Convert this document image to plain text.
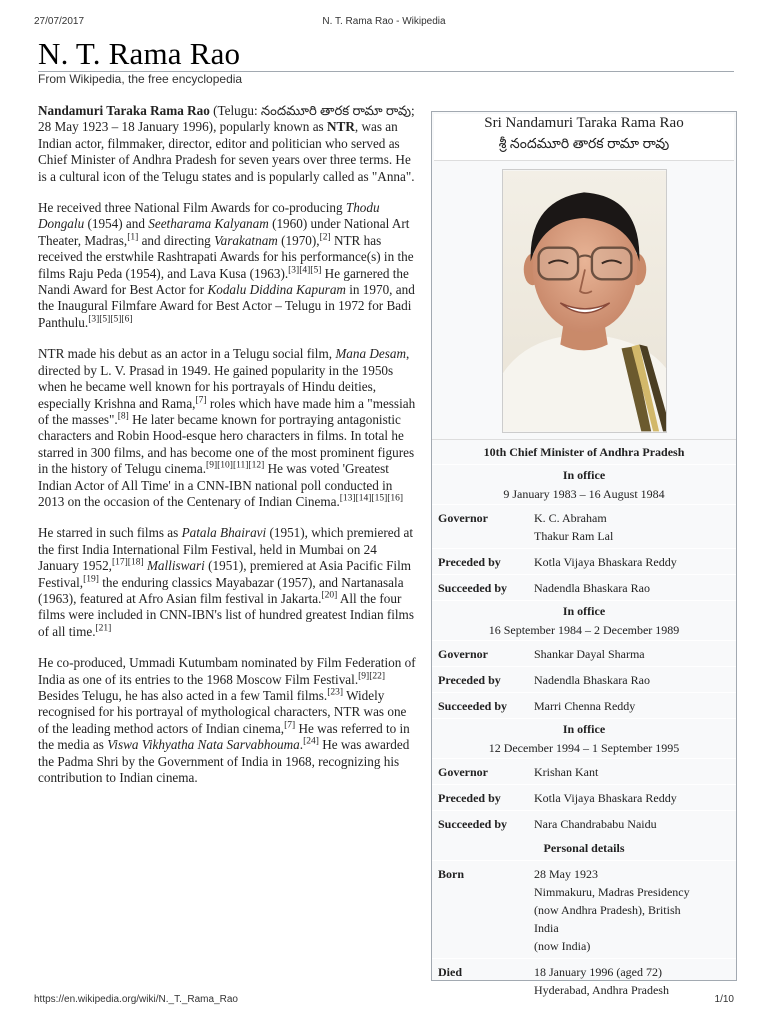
27/07/2017	N. T. Rama Rao - Wikipedia
N. T. Rama Rao
From Wikipedia, the free encyclopedia

Nandamuri Taraka Rama Rao (Telugu: నందమూరి తారక రామా రావు; 28 May 1923 – 18 January 1996), popularly known as NTR, was an Indian actor, filmmaker, director, editor and politician who served as Chief Minister of Andhra Pradesh for seven years over three terms. He is a cultural icon of the Telugu states and is popularly called as "Anna".

He received three National Film Awards for co-producing Thodu Dongalu (1954) and Seetharama Kalyanam (1960) under National Art Theater, Madras,[1] and directing Varakatnam (1970),[2] NTR has received the erstwhile Rashtrapati Awards for his performance(s) in the films Raju Peda (1954), and Lava Kusa (1963).[3][4][5] He garnered the Nandi Award for Best Actor for Kodalu Diddina Kapuram in 1970, and the Inaugural Filmfare Award for Best Actor – Telugu in 1972 for Badi Panthulu.[3][5][5][6]

NTR made his debut as an actor in a Telugu social film, Mana Desam, directed by L. V. Prasad in 1949. He gained popularity in the 1950s when he became well known for his portrayals of Hindu deities, especially Krishna and Rama,[7] roles which have made him a "messiah of the masses".[8] He later became known for portraying antagonistic characters and Robin Hood-esque hero characters in films. In total he starred in 300 films, and has become one of the most prominent figures in the history of Telugu cinema.[9][10][11][12] He was voted 'Greatest Indian Actor of All Time' in a CNN-IBN national poll conducted in 2013 on the occasion of the Centenary of Indian Cinema.[13][14][15][16]

He starred in such films as Patala Bhairavi (1951), which premiered at the first India International Film Festival, held in Mumbai on 24 January 1952,[17][18] Malliswari (1951), premiered at Asia Pacific Film Festival,[19] the enduring classics Mayabazar (1957), and Nartanasala (1963), featured at Afro Asian film festival in Jakarta.[20] All the four films were included in CNN-IBN's list of hundred greatest Indian films of all time.[21]

He co-produced, Ummadi Kutumbam nominated by Film Federation of India as one of its entries to the 1968 Moscow Film Festival.[9][22] Besides Telugu, he has also acted in a few Tamil films.[23] Widely recognised for his portrayal of mythological characters, NTR was one of the leading method actors of Indian cinema,[7] He was referred to in the media as Viswa Vikhyatha Nata Sarvabhouma.[24] He was awarded the Padma Shri by the Government of India in 1968, recognizing his contribution to Indian cinema.

Sri Nandamuri Taraka Rama Rao
శ్రీ నందమూరి తారక రామా రావు
10th Chief Minister of Andhra Pradesh
In office
9 January 1983 – 16 August 1984
Governor	K. C. Abraham
Thakur Ram Lal
Preceded by	Kotla Vijaya Bhaskara Reddy
Succeeded by	Nadendla Bhaskara Rao
In office
16 September 1984 – 2 December 1989
Governor	Shankar Dayal Sharma
Preceded by	Nadendla Bhaskara Rao
Succeeded by	Marri Chenna Reddy
In office
12 December 1994 – 1 September 1995
Governor	Krishan Kant
Preceded by	Kotla Vijaya Bhaskara Reddy
Succeeded by	Nara Chandrababu Naidu
Personal details
Born	28 May 1923
Nimmakuru, Madras Presidency
(now Andhra Pradesh), British
India
(now India)
Died	18 January 1996 (aged 72)
Hyderabad, Andhra Pradesh
https://en.wikipedia.org/wiki/N._T._Rama_Rao	1/10
